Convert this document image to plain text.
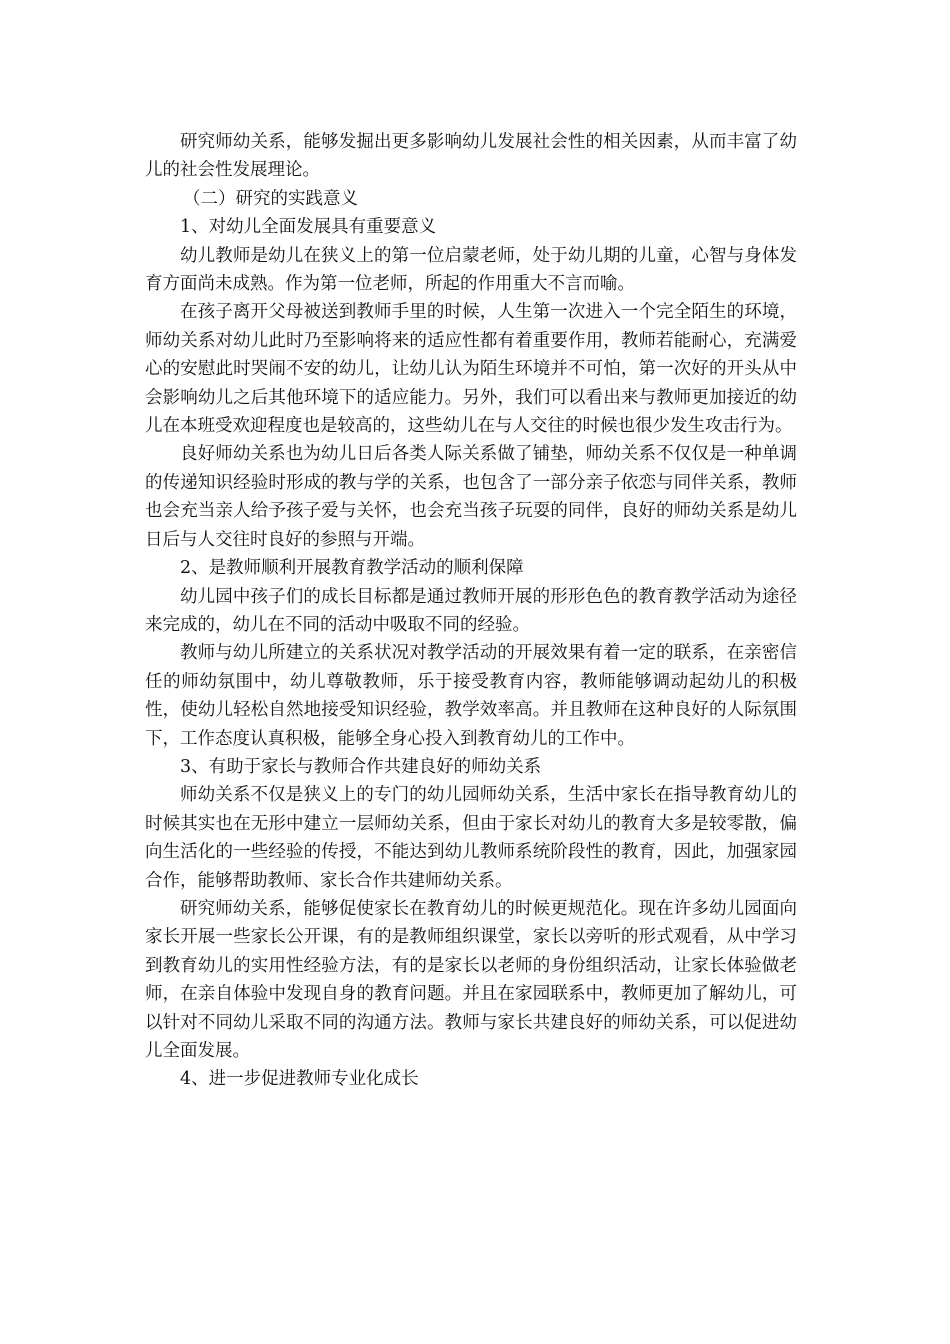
研究师幼关系，能够发掘出更多影响幼儿发展社会性的相关因素，从而丰富了幼儿的社会性发展理论。

（二）研究的实践意义

1、对幼儿全面发展具有重要意义

幼儿教师是幼儿在狭义上的第一位启蒙老师，处于幼儿期的儿童，心智与身体发育方面尚未成熟。作为第一位老师，所起的作用重大不言而喻。

在孩子离开父母被送到教师手里的时候，人生第一次进入一个完全陌生的环境，师幼关系对幼儿此时乃至影响将来的适应性都有着重要作用，教师若能耐心，充满爱心的安慰此时哭闹不安的幼儿，让幼儿认为陌生环境并不可怕，第一次好的开头从中会影响幼儿之后其他环境下的适应能力。另外，我们可以看出来与教师更加接近的幼儿在本班受欢迎程度也是较高的，这些幼儿在与人交往的时候也很少发生攻击行为。

良好师幼关系也为幼儿日后各类人际关系做了铺垫，师幼关系不仅仅是一种单调的传递知识经验时形成的教与学的关系，也包含了一部分亲子依恋与同伴关系，教师也会充当亲人给予孩子爱与关怀，也会充当孩子玩耍的同伴，良好的师幼关系是幼儿日后与人交往时良好的参照与开端。

2、是教师顺利开展教育教学活动的顺利保障

幼儿园中孩子们的成长目标都是通过教师开展的形形色色的教育教学活动为途径来完成的，幼儿在不同的活动中吸取不同的经验。

教师与幼儿所建立的关系状况对教学活动的开展效果有着一定的联系，在亲密信任的师幼氛围中，幼儿尊敬教师，乐于接受教育内容，教师能够调动起幼儿的积极性，使幼儿轻松自然地接受知识经验，教学效率高。并且教师在这种良好的人际氛围下，工作态度认真积极，能够全身心投入到教育幼儿的工作中。

3、有助于家长与教师合作共建良好的师幼关系

师幼关系不仅是狭义上的专门的幼儿园师幼关系，生活中家长在指导教育幼儿的时候其实也在无形中建立一层师幼关系，但由于家长对幼儿的教育大多是较零散，偏向生活化的一些经验的传授，不能达到幼儿教师系统阶段性的教育，因此，加强家园合作，能够帮助教师、家长合作共建师幼关系。

研究师幼关系，能够促使家长在教育幼儿的时候更规范化。现在许多幼儿园面向家长开展一些家长公开课，有的是教师组织课堂，家长以旁听的形式观看，从中学习到教育幼儿的实用性经验方法，有的是家长以老师的身份组织活动，让家长体验做老师，在亲自体验中发现自身的教育问题。并且在家园联系中，教师更加了解幼儿，可以针对不同幼儿采取不同的沟通方法。教师与家长共建良好的师幼关系，可以促进幼儿全面发展。

4、进一步促进教师专业化成长
